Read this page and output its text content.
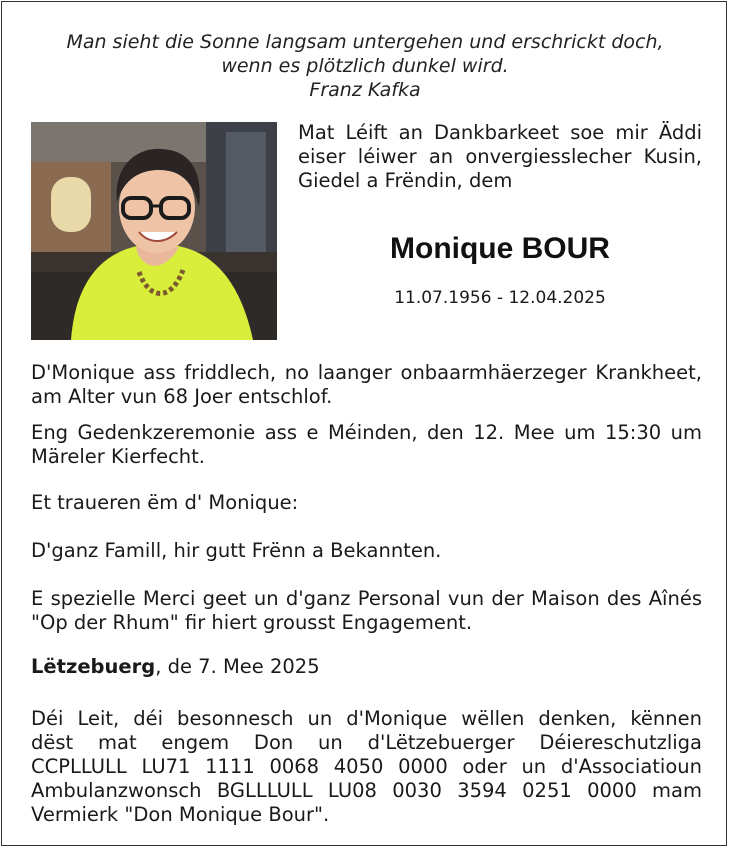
Man sieht die Sonne langsam untergehen und erschrickt doch,
wenn es plötzlich dunkel wird.
Franz Kafka
Mat Léift an Dankbarkeet soe mir Äddi eiser léiwer an onvergiesslecher Kusin, Giedel a Frëndin, dem
Monique BOUR
11.07.1956 - 12.04.2025
D'Monique ass friddlech, no laanger onbaarmhäerzeger Krankheet, am Alter vun 68 Joer entschlof.
Eng Gedenkzeremonie ass e Méinden, den 12. Mee um 15:30 um Märeler Kierfecht.
Et traueren ëm d' Monique:
D'ganz Famill, hir gutt Frënn a Bekannten.
E spezielle Merci geet un d'ganz Personal vun der Maison des Aînés "Op der Rhum" fir hiert grousst Engagement.
Lëtzebuerg, de 7. Mee 2025
Déi Leit, déi besonnesch un d'Monique wëllen denken, kënnen
dëst mat engem Don un d'Lëtzebuerger Déiereschutzliga
CCPLLULL LU71 1111 0068 4050 0000 oder un d'Associatioun
Ambulanzwonsch BGLLLULL LU08 0030 3594 0251 0000 mam
Vermierk "Don Monique Bour".
